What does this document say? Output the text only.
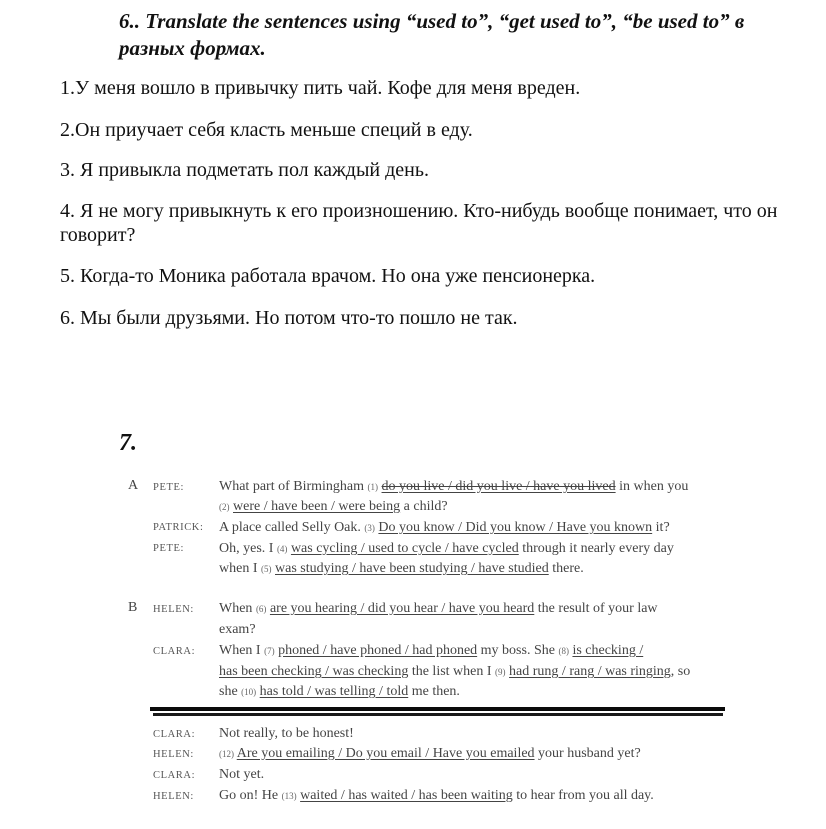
6.. Translate the sentences using “used to”, “get used to”, “be used to” в разных формах.
1.У меня вошло в привычку пить чай. Кофе для меня вреден.
2.Он приучает себя класть меньше специй в еду.
3. Я привыкла подметать пол каждый день.
4. Я не могу привыкнуть к его произношению. Кто-нибудь вообще понимает, что он говорит?
5. Когда-то Моника работала врачом. Но она уже пенсионерка.
6. Мы были друзьями. Но потом что-то пошло не так.
7.
A PETE:
PATRICK:
PETE:
What part of Birmingham (1) do you live / did you live / have you lived in when you
(2) were / have been / were being a child?
A place called Selly Oak. (3) Do you know / Did you know / Have you known it?
Oh, yes. I (4) was cycling / used to cycle / have cycled through it nearly every day
when I (5) was studying / have been studying / have studied there.
B HELEN:
CLARA:
CLARA:
HELEN:
CLARA:
HELEN:
When (6) are you hearing / did you hear / have you heard the result of your law
exam?
When I (7) phoned / have phoned / had phoned my boss. She (8) is checking /
has been checking / was checking the list when I (9) had rung / rang / was ringing, so
she (10) has told / was telling / told me then.
Not really, to be honest!
(12) Are you emailing / Do you email / Have you emailed your husband yet?
Not yet.
Go on! He (13) waited / has waited / has been waiting to hear from you all day.
